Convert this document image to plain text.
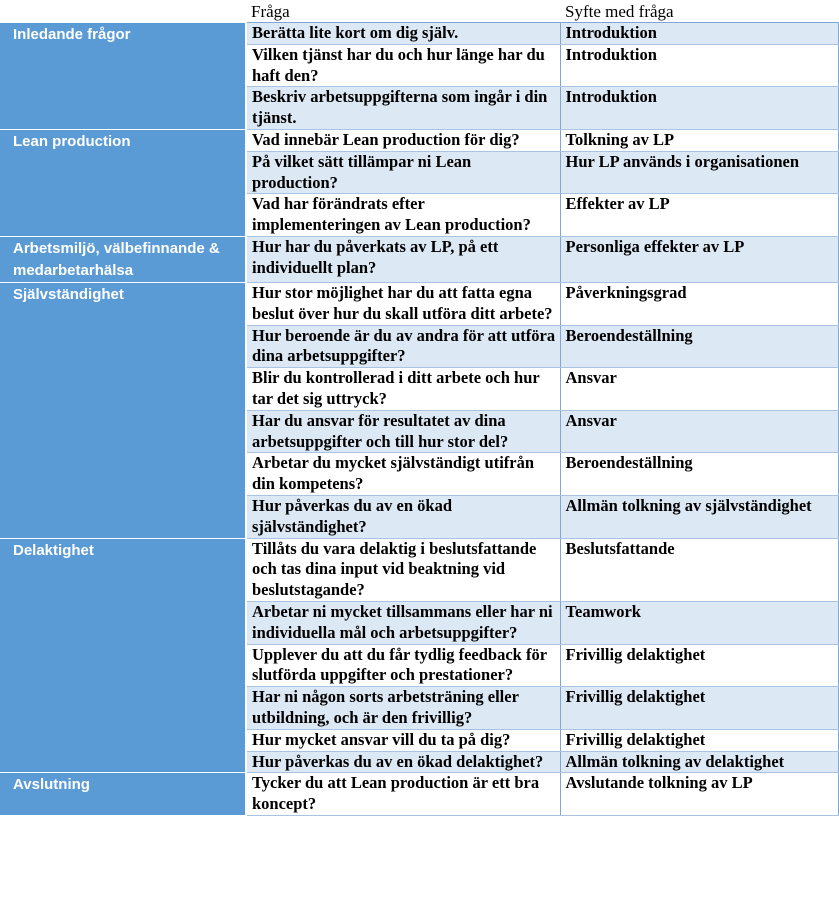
	Fråga	Syfte med fråga
Inledande frågor	Berätta lite kort om dig själv.	Introduktion
	Vilken tjänst har du och hur länge har du haft den?	Introduktion
	Beskriv arbetsuppgifterna som ingår i din tjänst.	Introduktion
Lean production	Vad innebär Lean production för dig?	Tolkning av LP
	På vilket sätt tillämpar ni Lean production?	Hur LP används i organisationen
	Vad har förändrats efter implementeringen av Lean production?	Effekter av LP
Arbetsmiljö, välbefinnande & medarbetarhälsa	Hur har du påverkats av LP, på ett individuellt plan?	Personliga effekter av LP
Självständighet	Hur stor möjlighet har du att fatta egna beslut över hur du skall utföra ditt arbete?	Påverkningsgrad
	Hur beroende är du av andra för att utföra dina arbetsuppgifter?	Beroendeställning
	Blir du kontrollerad i ditt arbete och hur tar det sig uttryck?	Ansvar
	Har du ansvar för resultatet av dina arbetsuppgifter och till hur stor del?	Ansvar
	Arbetar du mycket självständigt utifrån din kompetens?	Beroendeställning
	Hur påverkas du av en ökad självständighet?	Allmän tolkning av självständighet
Delaktighet	Tillåts du vara delaktig i beslutsfattande och tas dina input vid beaktning vid beslutstagande?	Beslutsfattande
	Arbetar ni mycket tillsammans eller har ni individuella mål och arbetsuppgifter?	Teamwork
	Upplever du att du får tydlig feedback för slutförda uppgifter och prestationer?	Frivillig delaktighet
	Har ni någon sorts arbetsträning eller utbildning, och är den frivillig?	Frivillig delaktighet
	Hur mycket ansvar vill du ta på dig?	Frivillig delaktighet
	Hur påverkas du av en ökad delaktighet?	Allmän tolkning av delaktighet
Avslutning	Tycker du att Lean production är ett bra koncept?	Avslutande tolkning av LP
